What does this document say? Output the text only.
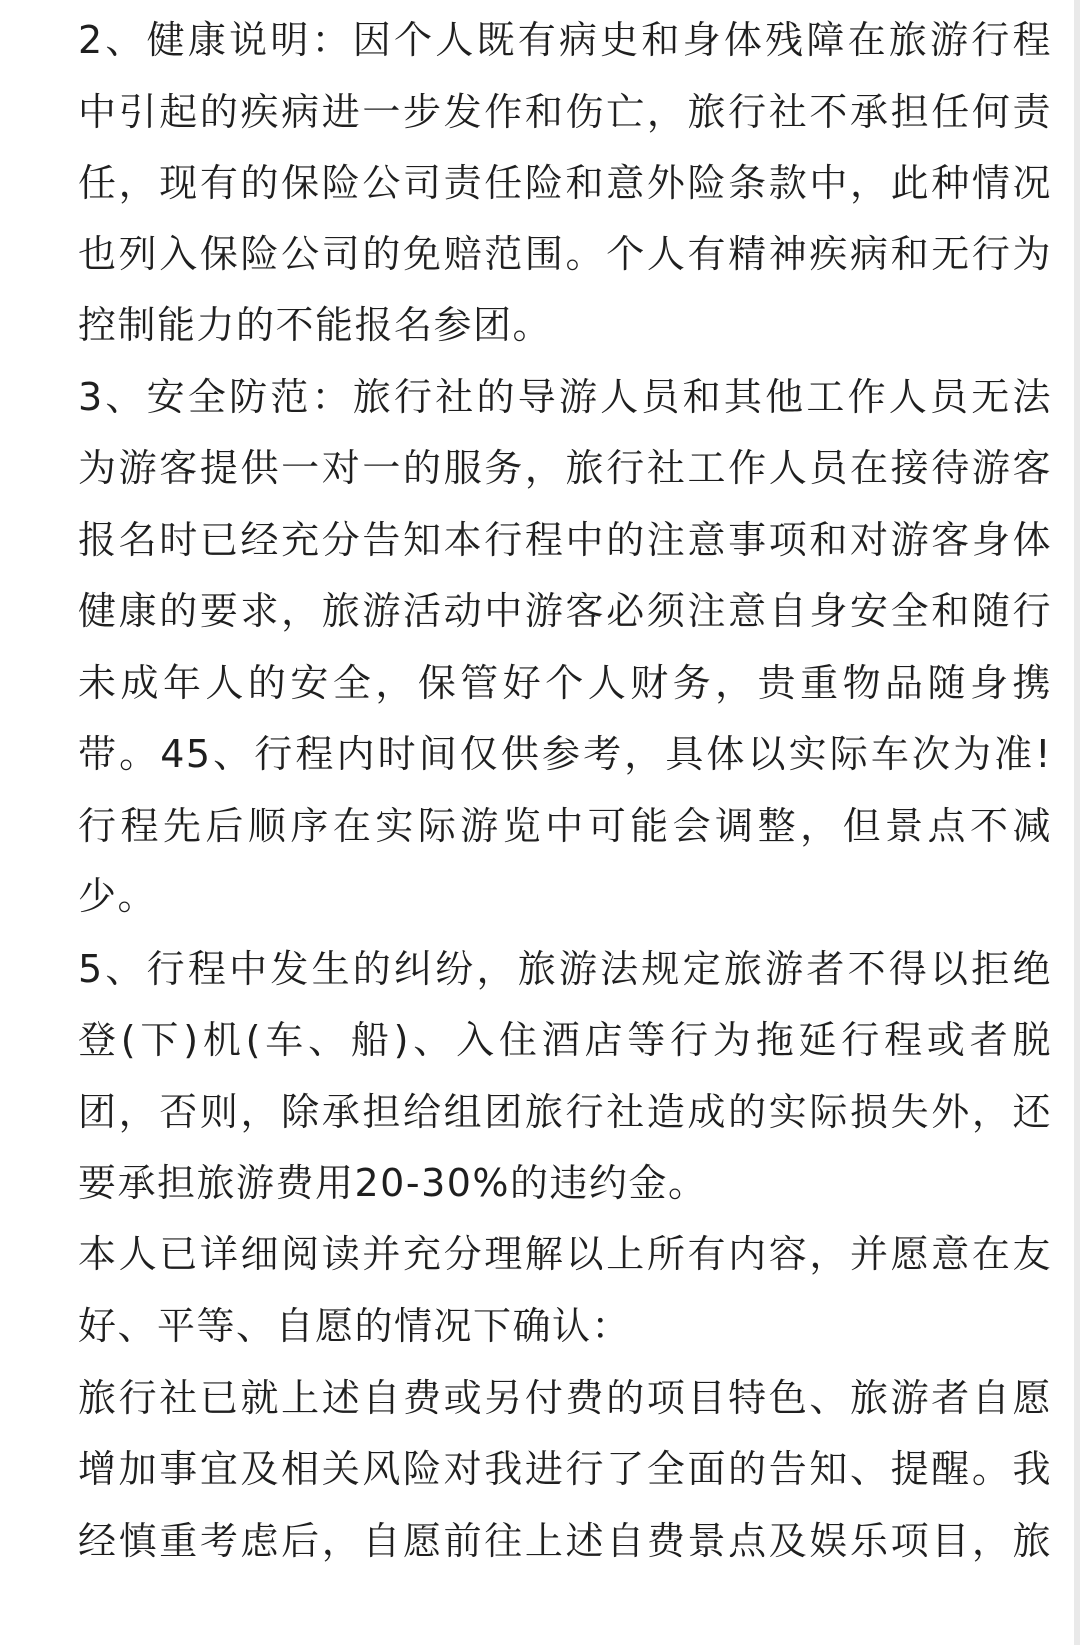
2、健康说明：因个人既有病史和身体残障在旅游行程

中引起的疾病进一步发作和伤亡，旅行社不承担任何责

任，现有的保险公司责任险和意外险条款中，此种情况

也列入保险公司的免赔范围。个人有精神疾病和无行为

控制能力的不能报名参团。

3、安全防范：旅行社的导游人员和其他工作人员无法

为游客提供一对一的服务，旅行社工作人员在接待游客

报名时已经充分告知本行程中的注意事项和对游客身体

健康的要求，旅游活动中游客必须注意自身安全和随行

未成年人的安全，保管好个人财务，贵重物品随身携

带。45、行程内时间仅供参考，具体以实际车次为准!

行程先后顺序在实际游览中可能会调整，但景点不减

少。

5、行程中发生的纠纷，旅游法规定旅游者不得以拒绝

登(下)机(车、船)、入住酒店等行为拖延行程或者脱

团，否则，除承担给组团旅行社造成的实际损失外，还

要承担旅游费用20-30%的违约金。

本人已详细阅读并充分理解以上所有内容，并愿意在友

好、平等、自愿的情况下确认：

旅行社已就上述自费或另付费的项目特色、旅游者自愿

增加事宜及相关风险对我进行了全面的告知、提醒。我

经慎重考虑后，自愿前往上述自费景点及娱乐项目，旅
